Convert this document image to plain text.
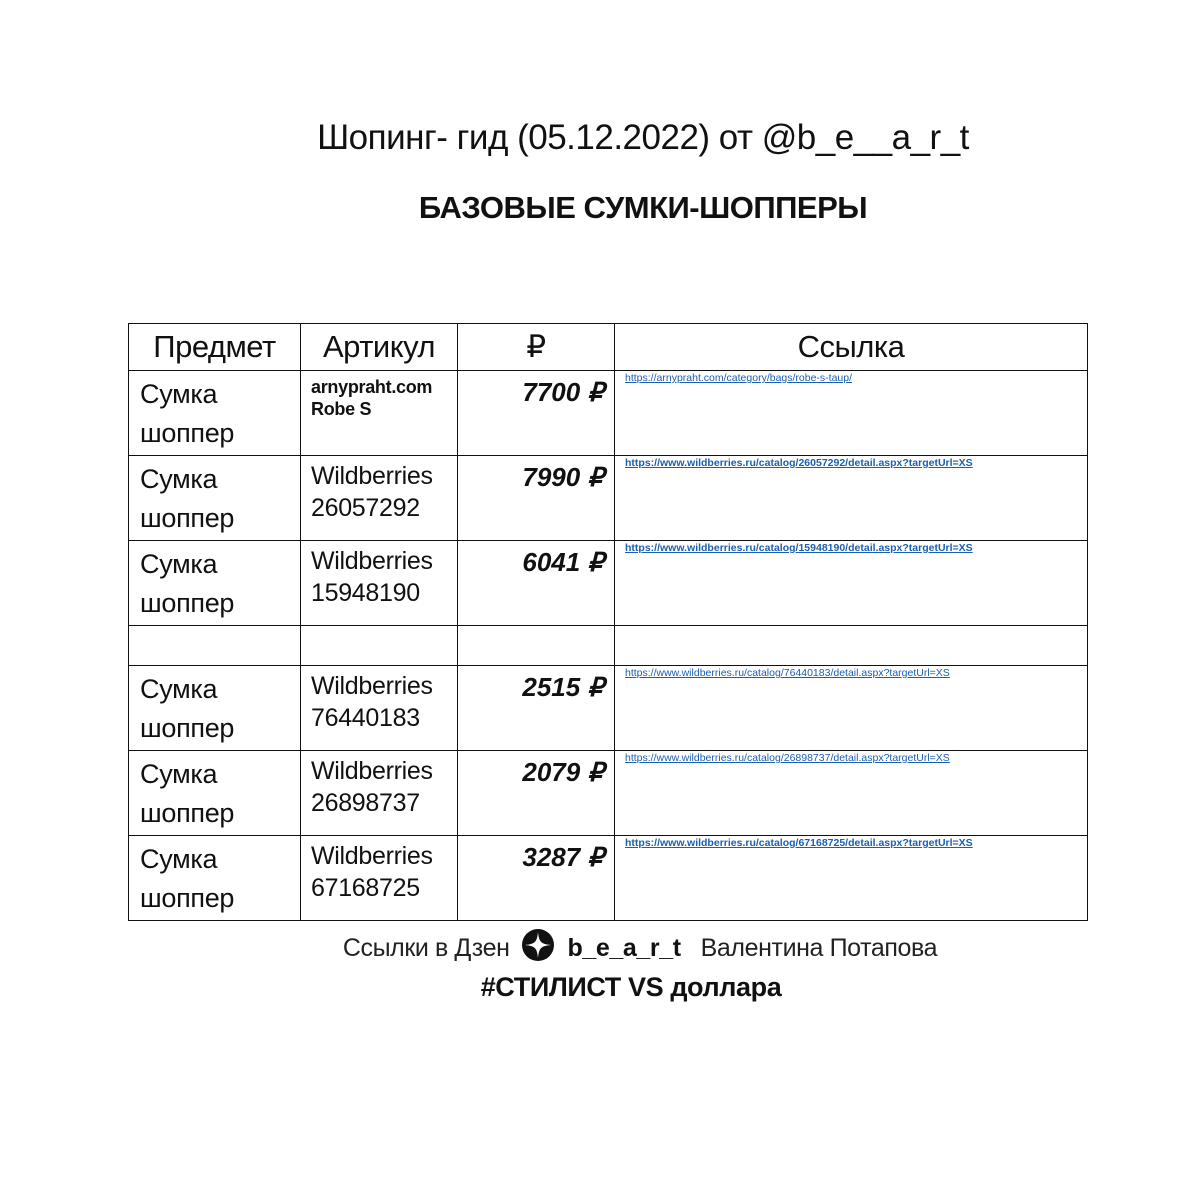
Шопинг- гид (05.12.2022) от @b_e__a_r_t
БАЗОВЫЕ СУМКИ-ШОППЕРЫ
Предмет	Артикул	₽	Ссылка
Сумка шоппер	arnypraht.com Robe S	7700 ₽	https://arnypraht.com/category/bags/robe-s-taup/
Сумка шоппер	Wildberries 26057292	7990 ₽	https://www.wildberries.ru/catalog/26057292/detail.aspx?targetUrl=XS
Сумка шоппер	Wildberries 15948190	6041 ₽	https://www.wildberries.ru/catalog/15948190/detail.aspx?targetUrl=XS

Сумка шоппер	Wildberries 76440183	2515 ₽	https://www.wildberries.ru/catalog/76440183/detail.aspx?targetUrl=XS
Сумка шоппер	Wildberries 26898737	2079 ₽	https://www.wildberries.ru/catalog/26898737/detail.aspx?targetUrl=XS
Сумка шоппер	Wildberries 67168725	3287 ₽	https://www.wildberries.ru/catalog/67168725/detail.aspx?targetUrl=XS
Ссылки в Дзен b_e_a_r_t Валентина Потапова
#СТИЛИСТ VS доллара
